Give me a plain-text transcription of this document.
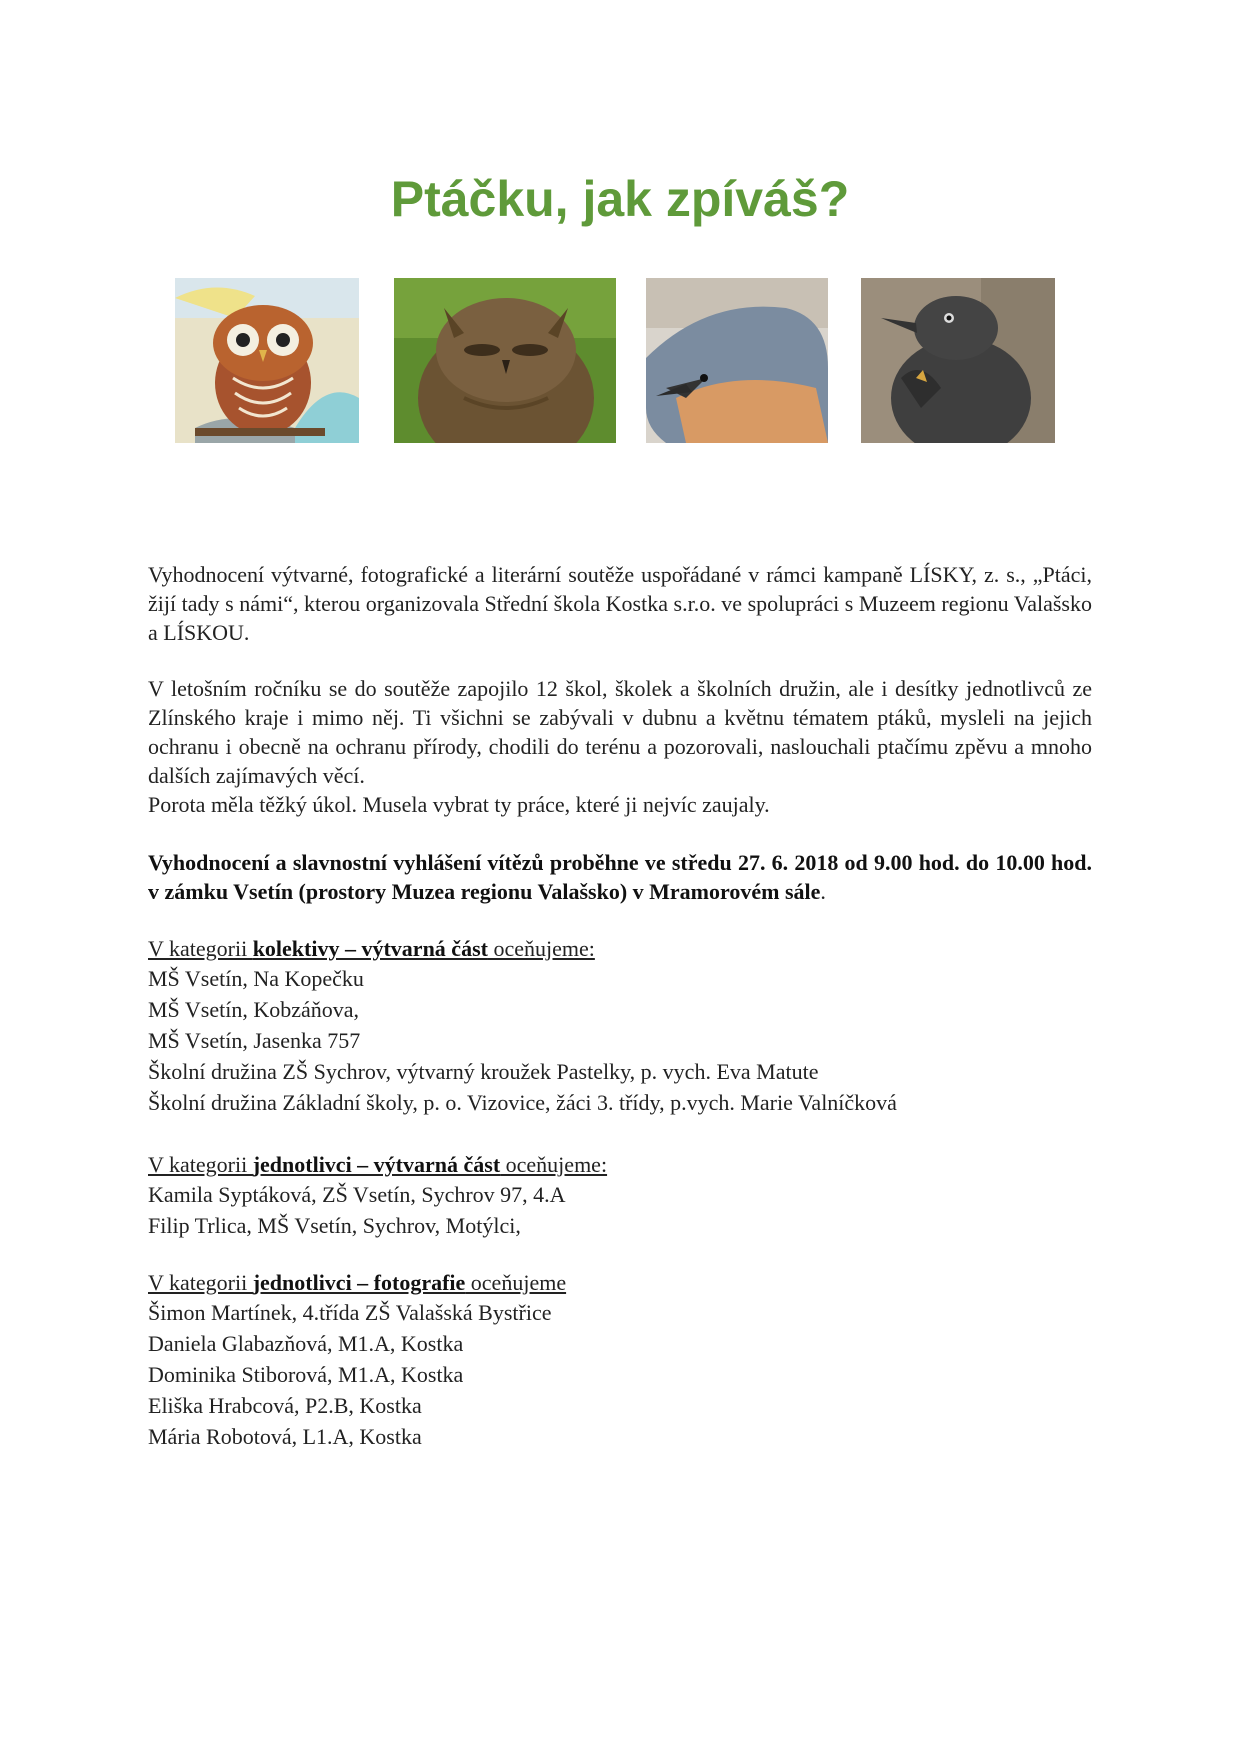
Ptáčku, jak zpíváš?
Vyhodnocení výtvarné, fotografické a literární soutěže uspořádané v rámci kampaně LÍSKY, z. s., „Ptáci, žijí tady s námi“, kterou organizovala Střední škola Kostka s.r.o. ve spolupráci s Muzeem regionu Valašsko a LÍSKOU.

V letošním ročníku se do soutěže zapojilo 12 škol, školek a školních družin, ale i desítky jednotlivců ze Zlínského kraje i mimo něj. Ti všichni se zabývali v dubnu a květnu tématem ptáků, mysleli na jejich ochranu i obecně na ochranu přírody, chodili do terénu a pozorovali, naslouchali ptačímu zpěvu a mnoho dalších zajímavých věcí.

Porota měla těžký úkol. Musela vybrat ty práce, které ji nejvíc zaujaly.

Vyhodnocení a slavnostní vyhlášení vítězů proběhne ve středu 27. 6. 2018 od 9.00 hod. do 10.00 hod. v zámku Vsetín (prostory Muzea regionu Valašsko) v Mramorovém sále.
V kategorii kolektivy – výtvarná část oceňujeme:
MŠ Vsetín, Na Kopečku
MŠ Vsetín, Kobzáňova,
MŠ Vsetín, Jasenka 757
Školní družina ZŠ Sychrov, výtvarný kroužek Pastelky, p. vych. Eva Matute
Školní družina Základní školy, p. o. Vizovice, žáci 3. třídy, p.vych. Marie Valníčková
V kategorii jednotlivci – výtvarná část oceňujeme:
Kamila Syptáková, ZŠ Vsetín, Sychrov 97, 4.A
Filip Trlica, MŠ Vsetín, Sychrov, Motýlci,
V kategorii jednotlivci – fotografie oceňujeme
Šimon Martínek, 4.třída ZŠ Valašská Bystřice
Daniela Glabazňová, M1.A, Kostka
Dominika Stiborová, M1.A, Kostka
Eliška Hrabcová, P2.B, Kostka
Mária Robotová, L1.A, Kostka
